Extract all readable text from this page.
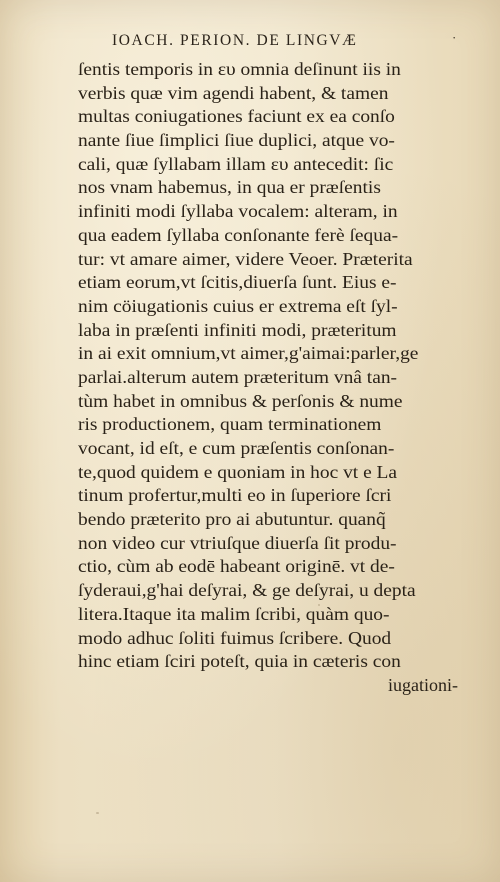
IOACH. PERION. DE LINGVÆ	·
ſentis temporis in ευ omnia deſinunt iis in
verbis quæ vim agendi habent, & tamen
multas coniugationes faciunt ex ea conſo
nante ſiue ſimplici ſiue duplici, atque vo-
cali, quæ ſyllabam illam ευ antecedit: ſic
nos vnam habemus, in qua er præſentis
infiniti modi ſyllaba vocalem: alteram, in
qua eadem ſyllaba conſonante ferè ſequa-
tur: vt amare aimer, videre Veoer. Præterita
etiam eorum,vt ſcitis,diuerſa ſunt. Eius e-
nim cöiugationis cuius er extrema eſt ſyl-
laba in præſenti infiniti modi, præteritum
in ai exit omnium,vt aimer,g'aimai:parler,ge
parlai.alterum autem præteritum vnâ tan-
tùm habet in omnibus & perſonis & nume
ris productionem, quam terminationem
vocant, id eſt, e cum præſentis conſonan-
te,quod quidem e quoniam in hoc vt e La
tinum profertur,multi eo in ſuperiore ſcri
bendo præterito pro ai abutuntur. quanq̃
non video cur vtriuſque diuerſa ſit produ-
ctio, cùm ab eodē habeant originē. vt de-
ſyderaui,g'hai deſyrai, & ge deſyrai, u depta
litera.Itaque ita malim ſcribi, quàm quo-
modo adhuc ſoliti fuimus ſcribere. Quod
hinc etiam ſciri poteſt, quia in cæteris con
iugationi-
